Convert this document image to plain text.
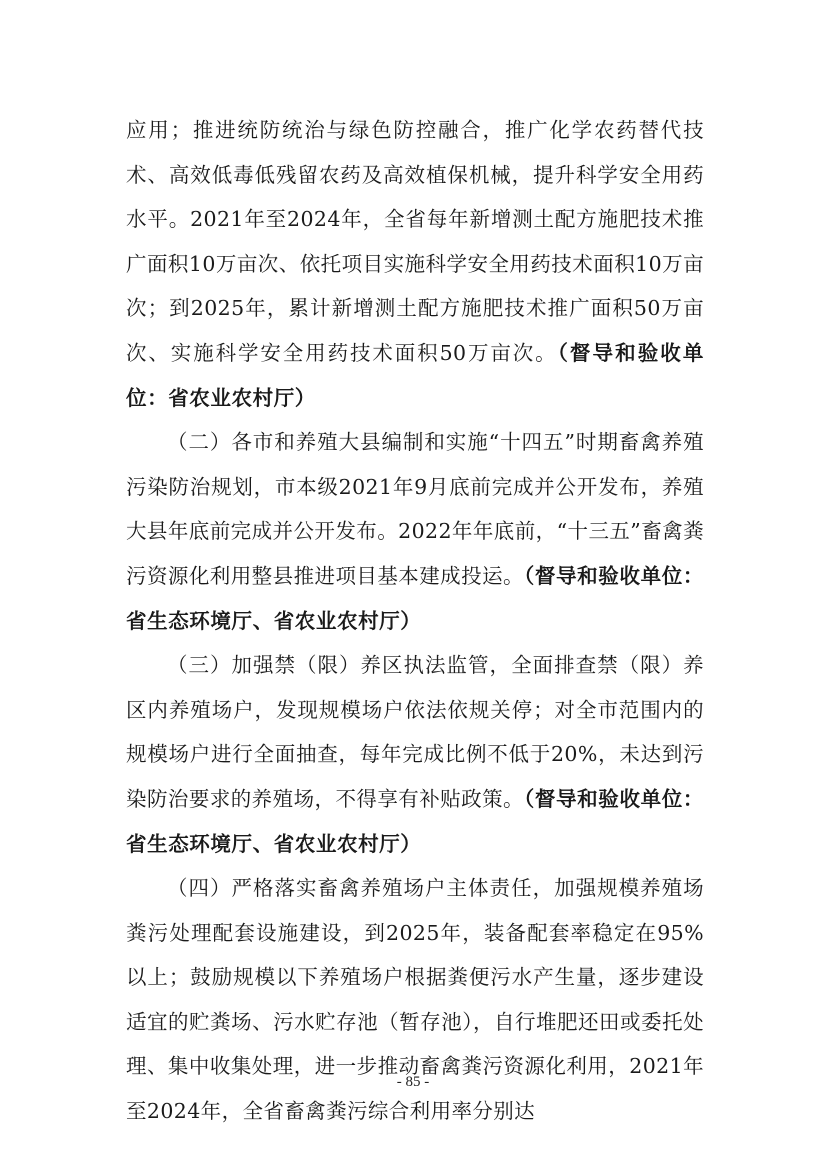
应用；推进统防统治与绿色防控融合，推广化学农药替代技术、高效低毒低残留农药及高效植保机械，提升科学安全用药水平。2021年至2024年，全省每年新增测土配方施肥技术推广面积10万亩次、依托项目实施科学安全用药技术面积10万亩次；到2025年，累计新增测土配方施肥技术推广面积50万亩次、实施科学安全用药技术面积50万亩次。（督导和验收单位：省农业农村厅）

（二）各市和养殖大县编制和实施“十四五”时期畜禽养殖污染防治规划，市本级2021年9月底前完成并公开发布，养殖大县年底前完成并公开发布。2022年年底前，“十三五”畜禽粪污资源化利用整县推进项目基本建成投运。（督导和验收单位：省生态环境厅、省农业农村厅）

（三）加强禁（限）养区执法监管，全面排查禁（限）养区内养殖场户，发现规模场户依法依规关停；对全市范围内的规模场户进行全面抽查，每年完成比例不低于20%，未达到污染防治要求的养殖场，不得享有补贴政策。（督导和验收单位：省生态环境厅、省农业农村厅）

（四）严格落实畜禽养殖场户主体责任，加强规模养殖场粪污处理配套设施建设，到2025年，装备配套率稳定在95%以上；鼓励规模以下养殖场户根据粪便污水产生量，逐步建设适宜的贮粪场、污水贮存池（暂存池），自行堆肥还田或委托处理、集中收集处理，进一步推动畜禽粪污资源化利用，2021年至2024年，全省畜禽粪污综合利用率分别达

- 85 -
